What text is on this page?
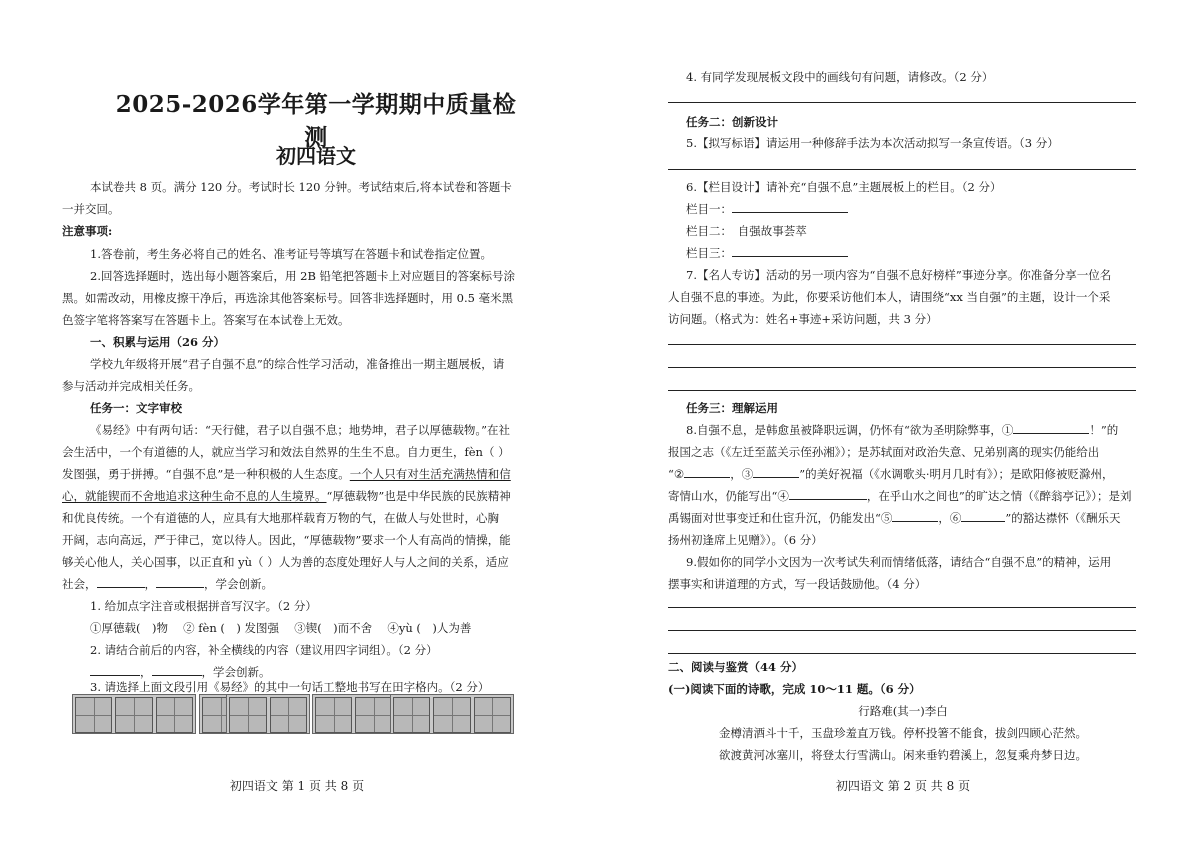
2025-2026学年第一学期期中质量检测
初四语文
本试卷共 8 页。满分 120 分。考试时长 120 分钟。考试结束后,将本试卷和答题卡
一并交回。
注意事项:
1.答卷前，考生务必将自己的姓名、准考证号等填写在答题卡和试卷指定位置。
2.回答选择题时，选出每小题答案后，用 2B 铅笔把答题卡上对应题目的答案标号涂
黑。如需改动，用橡皮擦干净后，再选涂其他答案标号。回答非选择题时，用 0.5 毫米黑
色签字笔将答案写在答题卡上。答案写在本试卷上无效。
一、积累与运用（26 分）
学校九年级将开展“君子自强不息”的综合性学习活动，准备推出一期主题展板，请
参与活动并完成相关任务。
任务一：文字审校
《易经》中有两句话：“天行健，君子以自强不息；地势坤，君子以厚德载物。”在社
会生活中，一个有道德的人，就应当学习和效法自然界的生生不息。自力更生，fèn（ ）
发图强，勇于拼搏。“自强不息”是一种积极的人生态度。一个人只有对生活充满热情和信
心，就能锲而不舍地追求这种生命不息的人生境界。“厚德载物”也是中华民族的民族精神
和优良传统。一个有道德的人，应具有大地那样载育万物的气，在做人与处世时，心胸
开阔，志向高远，严于律己，宽以待人。因此，“厚德载物”要求一个人有高尚的情操，能
够关心他人，关心国事，以正直和 yù（ ）人为善的态度处理好人与人之间的关系，适应
社会，	，	，学会创新。
1. 给加点字注音或根据拼音写汉字。（2 分）
①厚德载(　)物　 ② fèn (　) 发图强　 ③锲(　)而不舍　 ④yù (　)人为善
2. 请结合前后的内容，补全横线的内容（建议用四字词组）。（2 分）
，	，学会创新。
3. 请选择上面文段引用《易经》的其中一句话工整地书写在田字格内。（2 分）
初四语文 第 1 页 共 8 页
4. 有同学发现展板文段中的画线句有问题，请修改。（2 分）
任务二：创新设计
5.【拟写标语】请运用一种修辞手法为本次活动拟写一条宣传语。（3 分）
6.【栏目设计】请补充“自强不息”主题展板上的栏目。（2 分）
栏目一：
栏目二：　自强故事荟萃
栏目三：
7.【名人专访】活动的另一项内容为“自强不息好榜样”事迹分享。你准备分享一位名
人自强不息的事迹。为此，你要采访他们本人，请围绕“xx 当自强”的主题，设计一个采
访问题。（格式为：姓名+事迹+采访问题，共 3 分）
任务三：理解运用
8.自强不息，是韩愈虽被降职远调，仍怀有“欲为圣明除弊事，①	！”的
报国之志（《左迁至蓝关示侄孙湘》）；是苏轼面对政治失意、兄弟别离的现实仍能给出
“②	，③	”的美好祝福（《水调歌头·明月几时有》）；是欧阳修被贬滁州，
寄情山水，仍能写出“④	，在乎山水之间也”的旷达之情（《醉翁亭记》）；是刘
禹锡面对世事变迁和仕宦升沉，仍能发出“⑤	，⑥	”的豁达襟怀（《酬乐天
扬州初逢席上见赠》）。（6 分）
9.假如你的同学小文因为一次考试失利而情绪低落，请结合“自强不息”的精神，运用
摆事实和讲道理的方式，写一段话鼓励他。（4 分）
二、阅读与鉴赏（44 分）
(一)阅读下面的诗歌，完成 10～11 题。（6 分）
行路难(其一)李白
金樽清酒斗十千，玉盘珍羞直万钱。停杯投箸不能食，拔剑四顾心茫然。
欲渡黄河冰塞川，将登太行雪满山。闲来垂钓碧溪上，忽复乘舟梦日边。
初四语文 第 2 页 共 8 页
